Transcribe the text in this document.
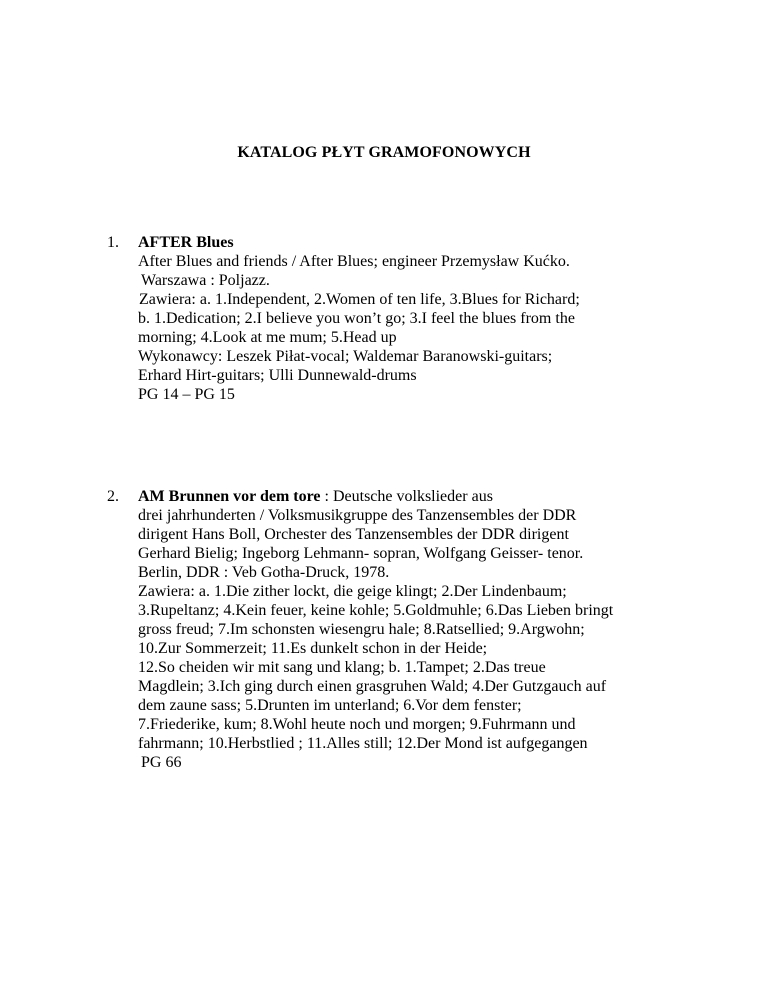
KATALOG PŁYT GRAMOFONOWYCH
1.	AFTER Blues
After Blues and friends / After Blues; engineer Przemysław Kućko.
Warszawa : Poljazz.
Zawiera: a. 1.Independent, 2.Women of ten life, 3.Blues for Richard;
b. 1.Dedication; 2.I believe you won’t go; 3.I feel the blues from the
morning; 4.Look at me mum; 5.Head up
Wykonawcy: Leszek Piłat-vocal; Waldemar Baranowski-guitars;
Erhard Hirt-guitars; Ulli Dunnewald-drums
PG 14 – PG 15
2.	AM Brunnen vor dem tore : Deutsche volkslieder aus
drei jahrhunderten / Volksmusikgruppe des Tanzensembles der DDR
dirigent Hans Boll, Orchester des Tanzensembles der DDR dirigent
Gerhard Bielig; Ingeborg Lehmann- sopran, Wolfgang Geisser- tenor.
Berlin, DDR : Veb Gotha-Druck, 1978.
Zawiera: a. 1.Die zither lockt, die geige klingt; 2.Der Lindenbaum;
3.Rupeltanz; 4.Kein feuer, keine kohle; 5.Goldmuhle; 6.Das Lieben bringt
gross freud; 7.Im schonsten wiesengru hale; 8.Ratsellied; 9.Argwohn;
10.Zur Sommerzeit; 11.Es dunkelt schon in der Heide;
12.So cheiden wir mit sang und klang; b. 1.Tampet; 2.Das treue
Magdlein; 3.Ich ging durch einen grasgruhen Wald; 4.Der Gutzgauch auf
dem zaune sass; 5.Drunten im unterland; 6.Vor dem fenster;
7.Friederike, kum; 8.Wohl heute noch und morgen; 9.Fuhrmann und
fahrmann; 10.Herbstlied ; 11.Alles still; 12.Der Mond ist aufgegangen
PG 66
